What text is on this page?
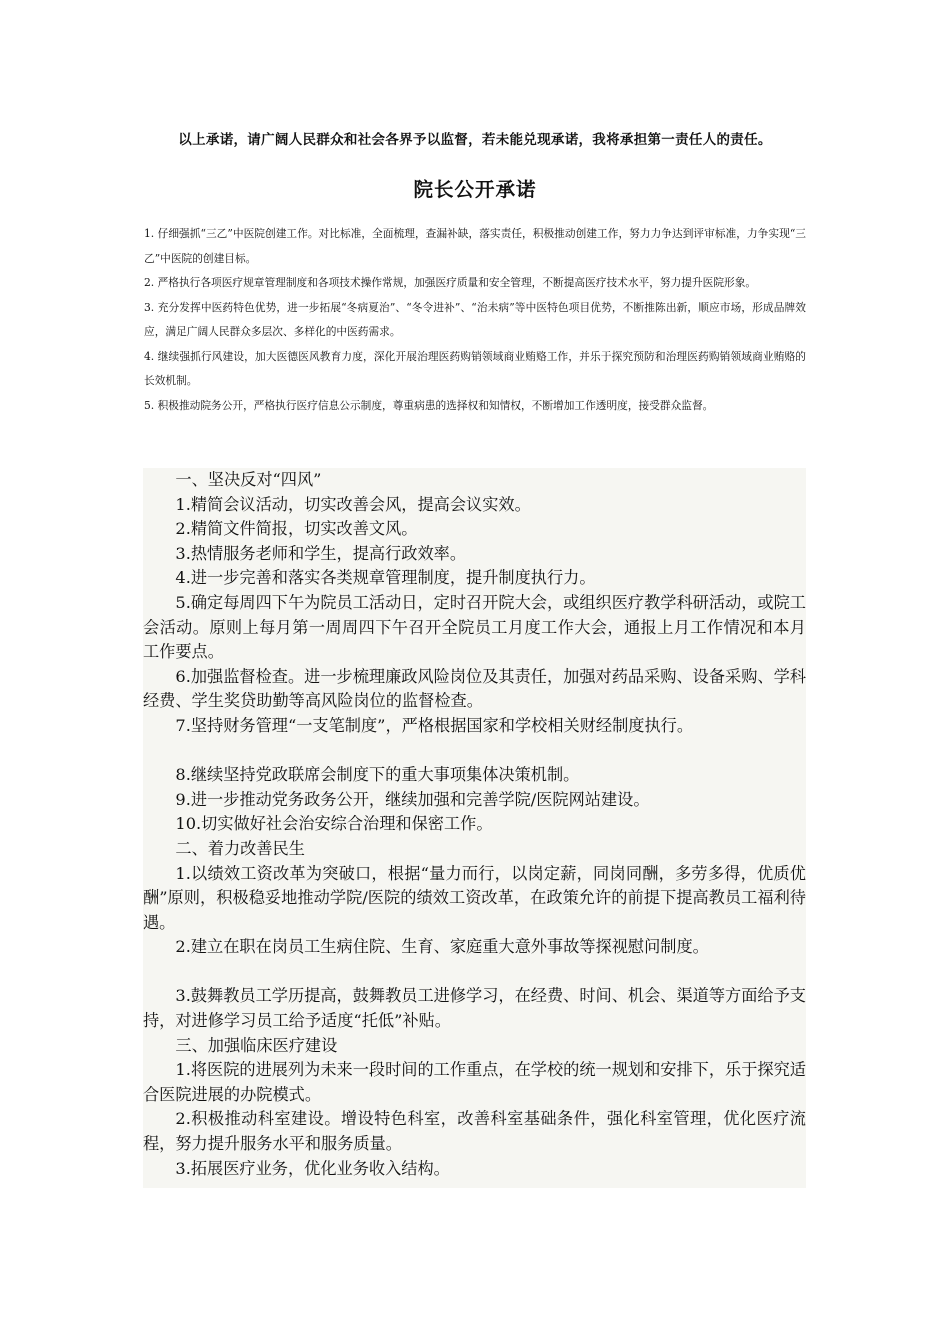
以上承诺，请广阔人民群众和社会各界予以监督，若未能兑现承诺，我将承担第一责任人的责任。
院长公开承诺

1. 仔细强抓“三乙”中医院创建工作。对比标准，全面梳理，查漏补缺，落实责任，积极推动创建工作，努力力争达到评审标准，力争实现“三乙”中医院的创建目标。

2. 严格执行各项医疗规章管理制度和各项技术操作常规，加强医疗质量和安全管理，不断提高医疗技术水平，努力提升医院形象。

3. 充分发挥中医药特色优势，进一步拓展“冬病夏治”、“冬令进补”、“治未病”等中医特色项目优势，不断推陈出新，顺应市场，形成品牌效应，满足广阔人民群众多层次、多样化的中医药需求。

4. 继续强抓行风建设，加大医德医风教育力度，深化开展治理医药购销领域商业贿赂工作，并乐于探究预防和治理医药购销领域商业贿赂的长效机制。

5. 积极推动院务公开，严格执行医疗信息公示制度，尊重病患的选择权和知情权，不断增加工作透明度，接受群众监督。

一、坚决反对“四风”

1.精简会议活动，切实改善会风，提高会议实效。

2.精简文件简报，切实改善文风。

3.热情服务老师和学生，提高行政效率。

4.进一步完善和落实各类规章管理制度，提升制度执行力。

5.确定每周四下午为院员工活动日，定时召开院大会，或组织医疗教学科研活动，或院工会活动。原则上每月第一周周四下午召开全院员工月度工作大会，通报上月工作情况和本月工作要点。

6.加强监督检查。进一步梳理廉政风险岗位及其责任，加强对药品采购、设备采购、学科经费、学生奖贷助勤等高风险岗位的监督检查。

7.坚持财务管理“一支笔制度”，严格根据国家和学校相关财经制度执行。

8.继续坚持党政联席会制度下的重大事项集体决策机制。

9.进一步推动党务政务公开，继续加强和完善学院/医院网站建设。

10.切实做好社会治安综合治理和保密工作。

二、着力改善民生

1.以绩效工资改革为突破口，根据“量力而行，以岗定薪，同岗同酬，多劳多得，优质优酬”原则，积极稳妥地推动学院/医院的绩效工资改革，在政策允许的前提下提高教员工福利待遇。

2.建立在职在岗员工生病住院、生育、家庭重大意外事故等探视慰问制度。

3.鼓舞教员工学历提高，鼓舞教员工进修学习，在经费、时间、机会、渠道等方面给予支持，对进修学习员工给予适度“托低”补贴。

三、加强临床医疗建设

1.将医院的进展列为未来一段时间的工作重点，在学校的统一规划和安排下，乐于探究适合医院进展的办院模式。

2.积极推动科室建设。增设特色科室，改善科室基础条件，强化科室管理，优化医疗流程，努力提升服务水平和服务质量。

3.拓展医疗业务，优化业务收入结构。
